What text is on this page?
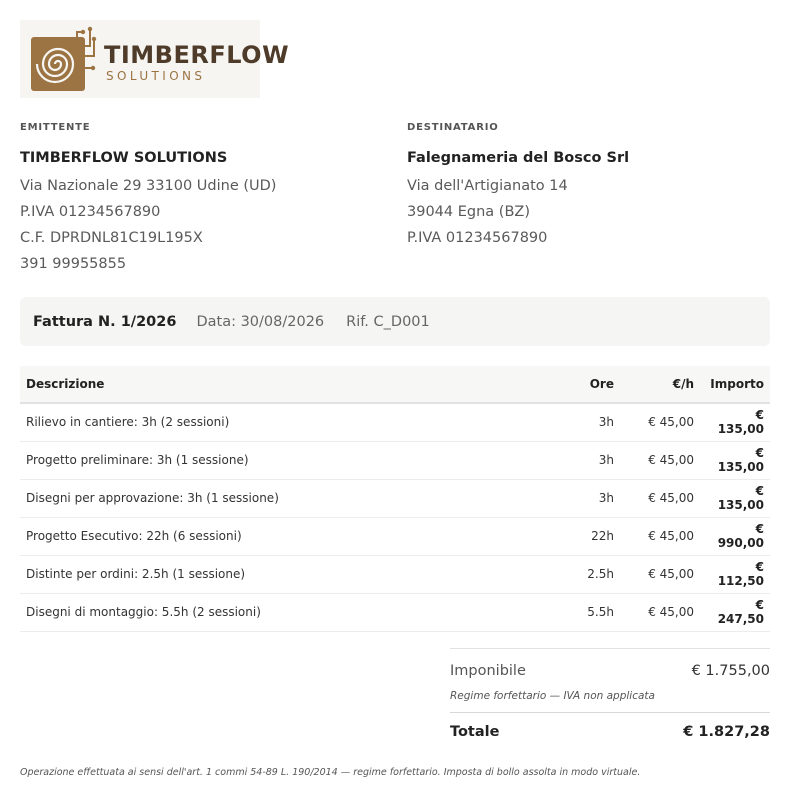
TIMBERFLOW
SOLUTIONS
EMITTENTE
TIMBERFLOW SOLUTIONS
Via Nazionale 29 33100 Udine (UD)
P.IVA 01234567890
C.F. DPRDNL81C19L195X
391 99955855
DESTINATARIO
Falegnameria del Bosco Srl
Via dell'Artigianato 14
39044 Egna (BZ)
P.IVA 01234567890
Fattura N. 1/2026 Data: 30/08/2026 Rif. C_D001
Descrizione	Ore	€/h	Importo
Rilievo in cantiere: 3h (2 sessioni)	3h	€ 45,00	€ 135,00
Progetto preliminare: 3h (1 sessione)	3h	€ 45,00	€ 135,00
Disegni per approvazione: 3h (1 sessione)	3h	€ 45,00	€ 135,00
Progetto Esecutivo: 22h (6 sessioni)	22h	€ 45,00	€ 990,00
Distinte per ordini: 2.5h (1 sessione)	2.5h	€ 45,00	€ 112,50
Disegni di montaggio: 5.5h (2 sessioni)	5.5h	€ 45,00	€ 247,50
Imponibile	€ 1.755,00
Regime forfettario — IVA non applicata
Totale	€ 1.827,28
Operazione effettuata ai sensi dell'art. 1 commi 54-89 L. 190/2014 — regime forfettario. Imposta di bollo assolta in modo virtuale.
